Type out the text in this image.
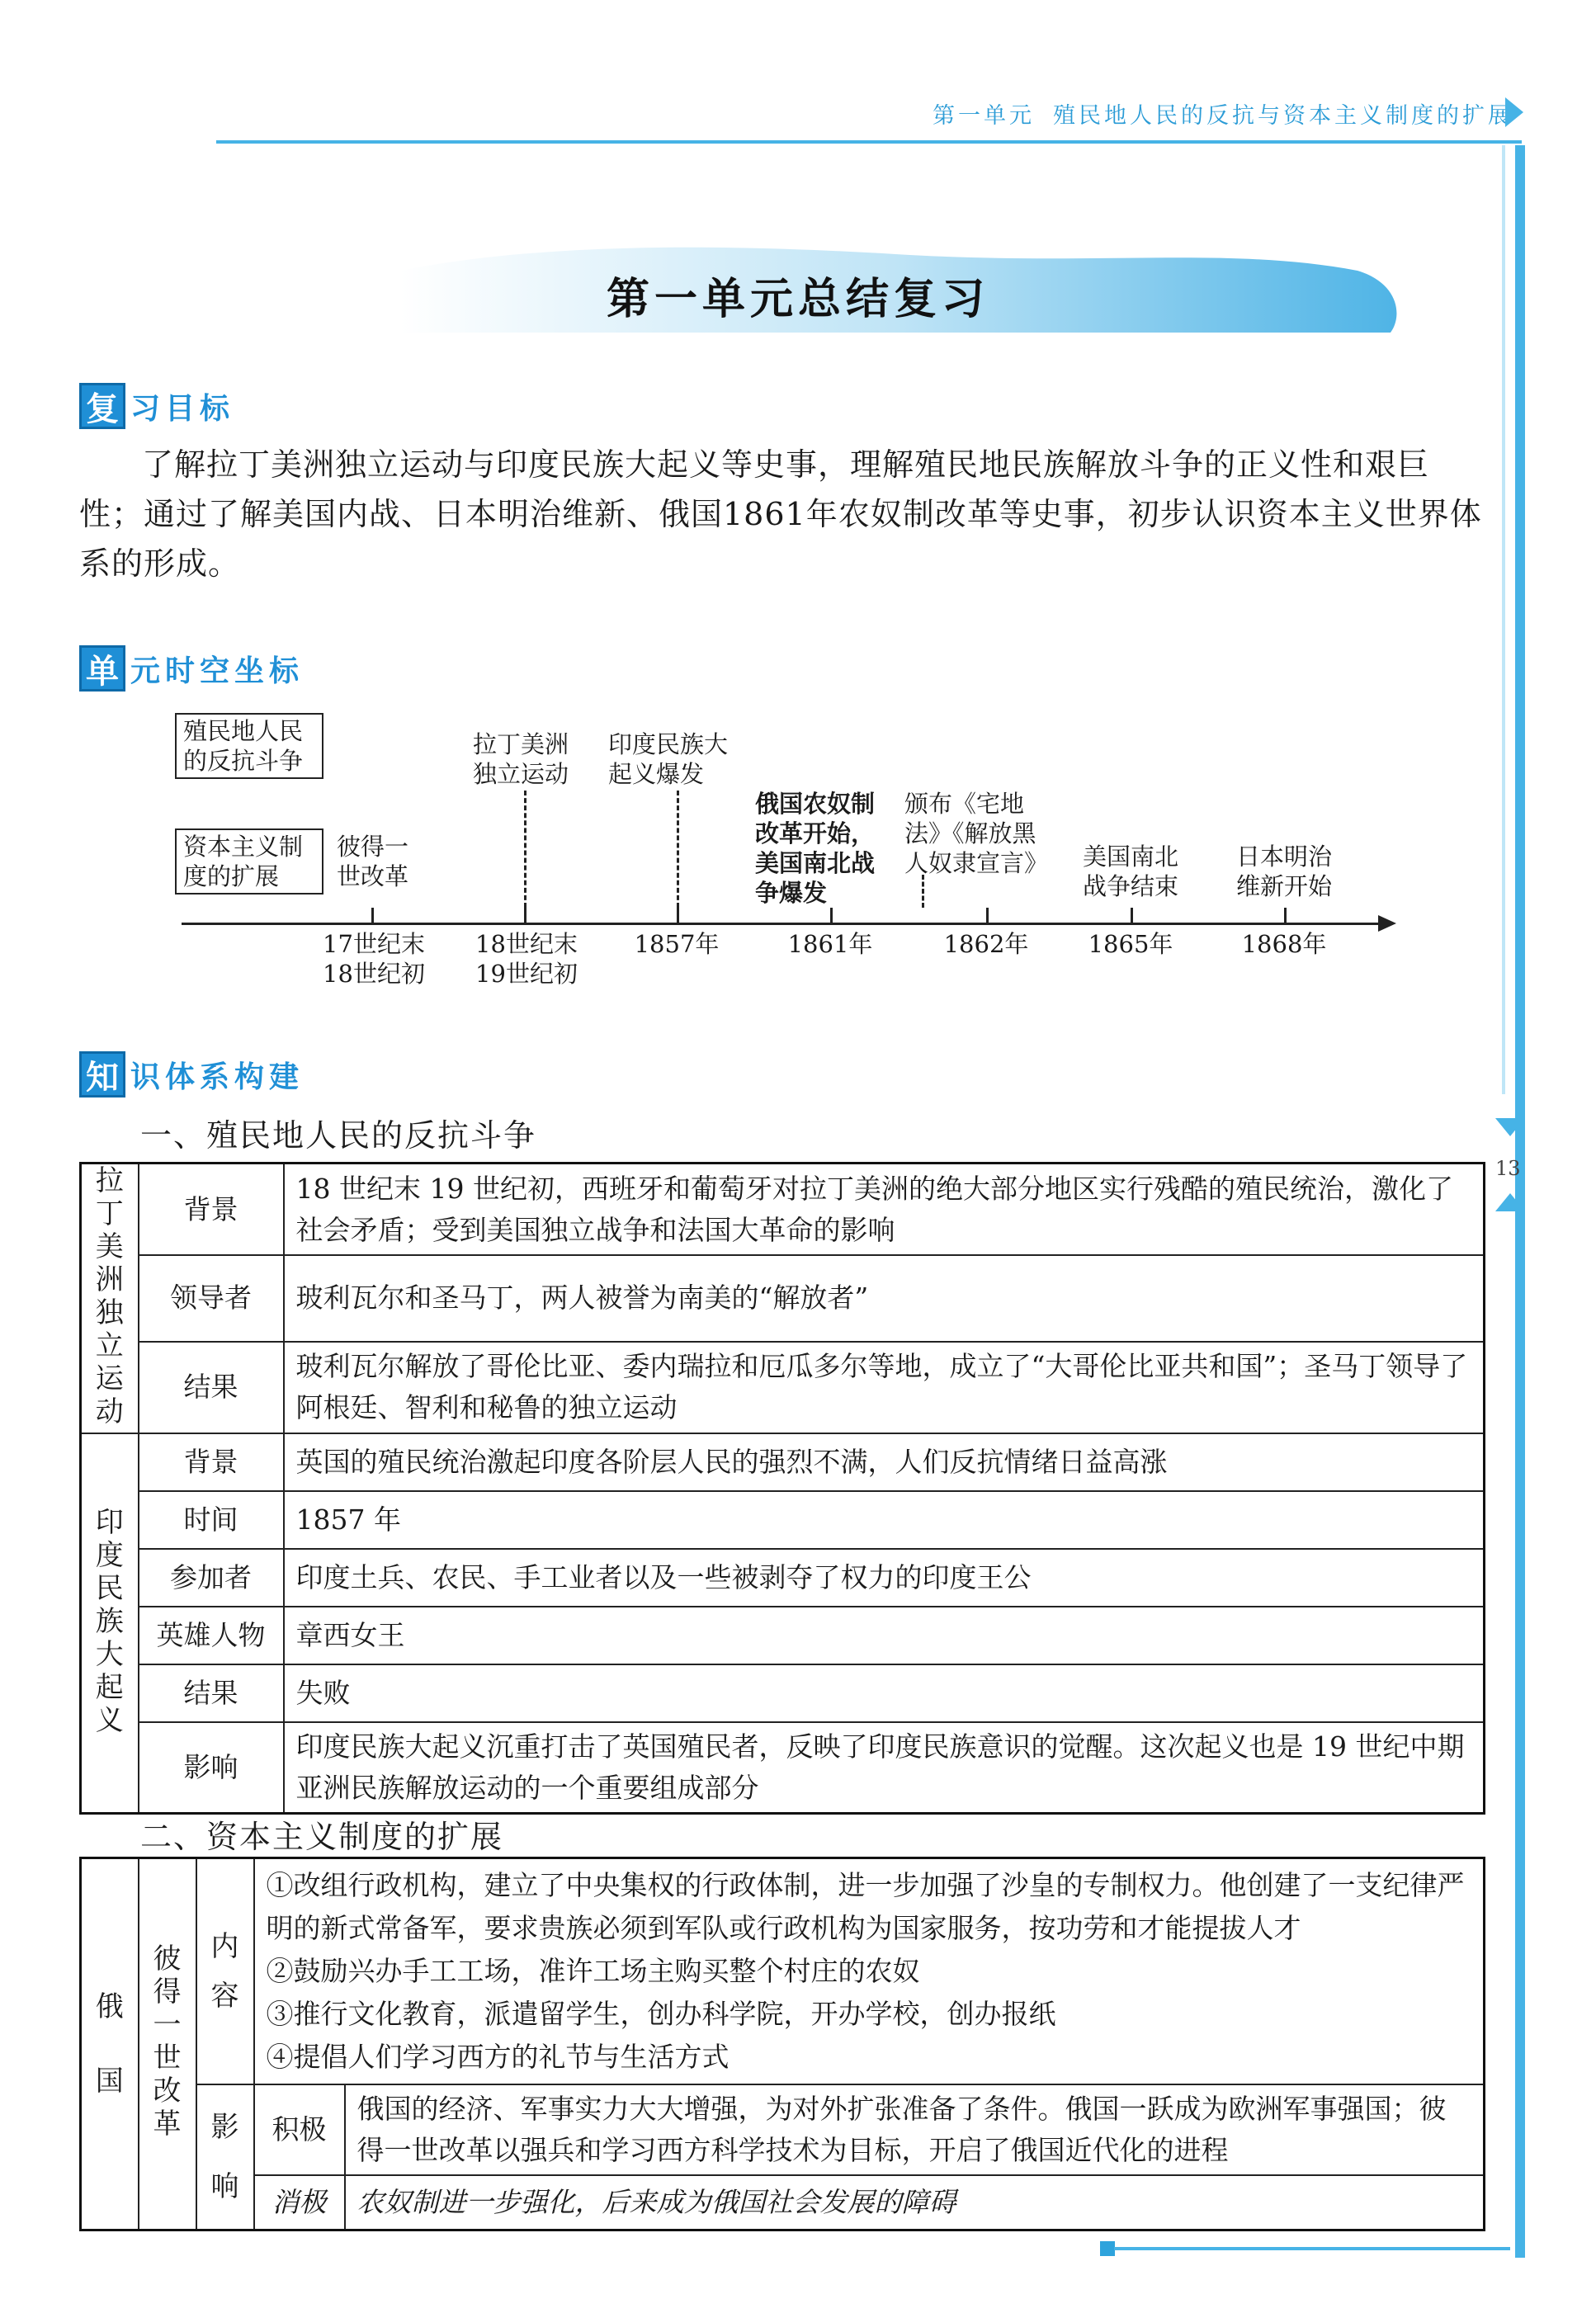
第一单元 殖民地人民的反抗与资本主义制度的扩展
13
第一单元总结复习
复 习目标
了解拉丁美洲独立运动与印度民族大起义等史事，理解殖民地民族解放斗争的正义性和艰巨性；通过了解美国内战、日本明治维新、俄国1861年农奴制改革等史事，初步认识资本主义世界体系的形成。
单 元时空坐标
殖民地人民的反抗斗争
资本主义制度的扩展
彼得一世改革
拉丁美洲独立运动
印度民族大起义爆发
俄国农奴制改革开始，美国南北战争爆发
颁布《宅地法》《解放黑人奴隶宣言》 美国南北战争结束
日本明治维新开始
17世纪末 18世纪初
18世纪末 19世纪初
1857年	1861年	1862年 1865年	1868年
知 识体系构建
一、殖民地人民的反抗斗争
拉丁美洲独立运动	背景	18 世纪末 19 世纪初，西班牙和葡萄牙对拉丁美洲的绝大部分地区实行残酷的殖民统治，激化了社会矛盾；受到美国独立战争和法国大革命的影响
	领导者	玻利瓦尔和圣马丁，两人被誉为南美的“解放者”
	结果	玻利瓦尔解放了哥伦比亚、委内瑞拉和厄瓜多尔等地，成立了“大哥伦比亚共和国”；圣马丁领导了阿根廷、智利和秘鲁的独立运动
印度民族大起义	背景	英国的殖民统治激起印度各阶层人民的强烈不满，人们反抗情绪日益高涨
	时间	1857 年
	参加者	印度土兵、农民、手工业者以及一些被剥夺了权力的印度王公
	英雄人物	章西女王
	结果	失败
	影响	印度民族大起义沉重打击了英国殖民者，反映了印度民族意识的觉醒。这次起义也是 19 世纪中期亚洲民族解放运动的一个重要组成部分
二、资本主义制度的扩展
俄国	彼得一世改革	内容	①改组行政机构，建立了中央集权的行政体制，进一步加强了沙皇的专制权力。他创建了一支纪律严明的新式常备军，要求贵族必须到军队或行政机构为国家服务，按功劳和才能提拔人才
②鼓励兴办手工工场，准许工场主购买整个村庄的农奴
③推行文化教育，派遣留学生，创办科学院，开办学校，创办报纸
④提倡人们学习西方的礼节与生活方式	

		影响	积极	俄国的经济、军事实力大大增强，为对外扩张准备了条件。俄国一跃成为欧洲军事强国；彼得一世改革以强兵和学习西方科学技术为目标，开启了俄国近代化的进程
			消极	农奴制进一步强化，后来成为俄国社会发展的障碍
